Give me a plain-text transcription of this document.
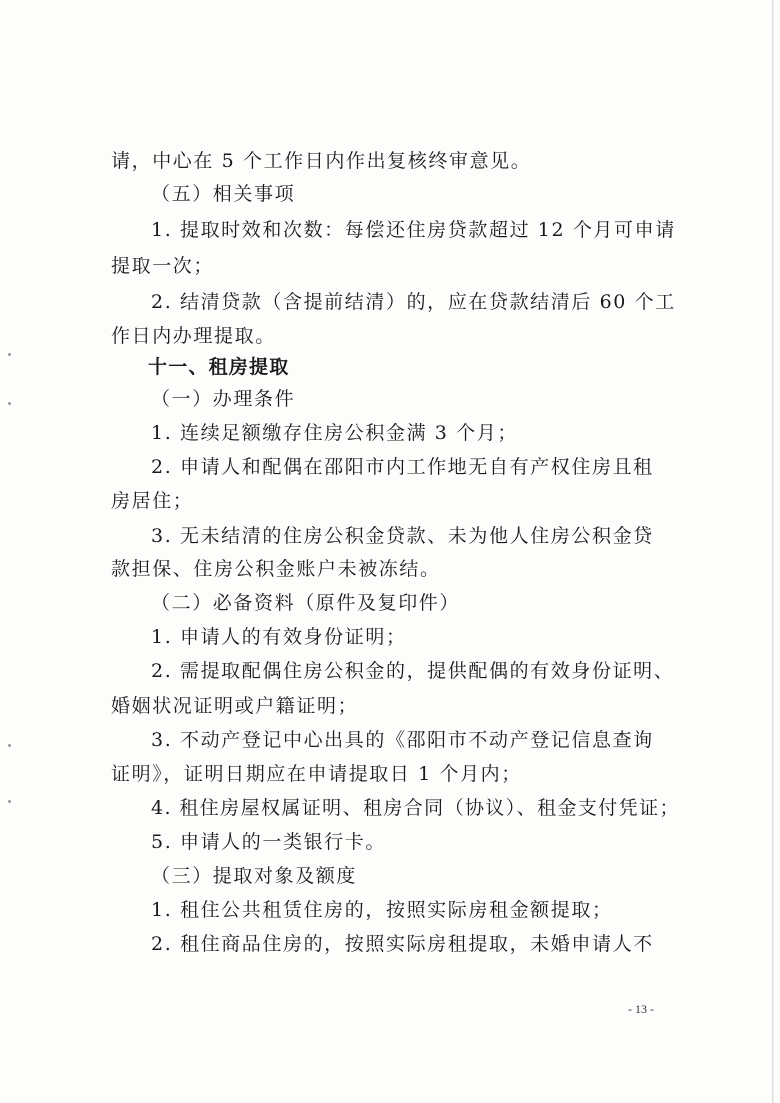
请，中心在 5 个工作日内作出复核终审意见。
（五）相关事项
1. 提取时效和次数：每偿还住房贷款超过 12 个月可申请
提取一次；
2. 结清贷款（含提前结清）的，应在贷款结清后 60 个工
作日内办理提取。
十一、租房提取
（一）办理条件
1. 连续足额缴存住房公积金满 3 个月；
2. 申请人和配偶在邵阳市内工作地无自有产权住房且租
房居住；
3. 无未结清的住房公积金贷款、未为他人住房公积金贷
款担保、住房公积金账户未被冻结。
（二）必备资料（原件及复印件）
1. 申请人的有效身份证明；
2. 需提取配偶住房公积金的，提供配偶的有效身份证明、
婚姻状况证明或户籍证明；
3. 不动产登记中心出具的《邵阳市不动产登记信息查询
证明》，证明日期应在申请提取日 1 个月内；
4. 租住房屋权属证明、租房合同（协议）、租金支付凭证；
5. 申请人的一类银行卡。
（三）提取对象及额度
1. 租住公共租赁住房的，按照实际房租金额提取；
2. 租住商品住房的，按照实际房租提取，未婚申请人不
- 13 -
